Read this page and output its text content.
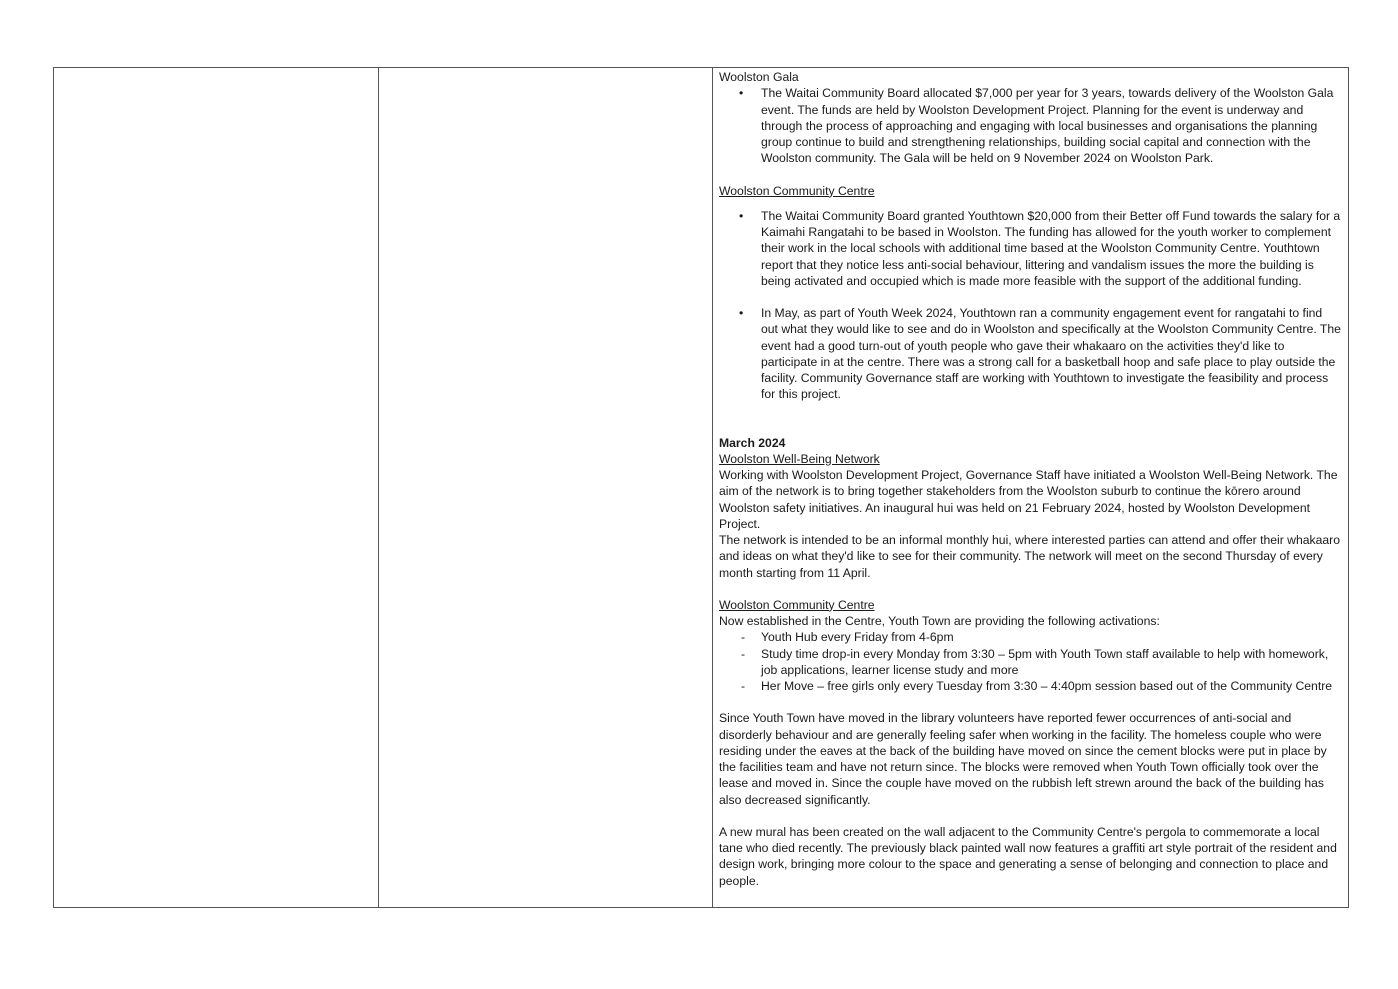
Woolston Gala

• The Waitai Community Board allocated $7,000 per year for 3 years, towards delivery of the Woolston Gala event. The funds are held by Woolston Development Project. Planning for the event is underway and through the process of approaching and engaging with local businesses and organisations the planning group continue to build and strengthening relationships, building social capital and connection with the Woolston community. The Gala will be held on 9 November 2024 on Woolston Park.

Woolston Community Centre

• The Waitai Community Board granted Youthtown $20,000 from their Better off Fund towards the salary for a Kaimahi Rangatahi to be based in Woolston. The funding has allowed for the youth worker to complement their work in the local schools with additional time based at the Woolston Community Centre. Youthtown report that they notice less anti-social behaviour, littering and vandalism issues the more the building is being activated and occupied which is made more feasible with the support of the additional funding.
• In May, as part of Youth Week 2024, Youthtown ran a community engagement event for rangatahi to find out what they would like to see and do in Woolston and specifically at the Woolston Community Centre. The event had a good turn-out of youth people who gave their whakaaro on the activities they'd like to participate in at the centre. There was a strong call for a basketball hoop and safe place to play outside the facility. Community Governance staff are working with Youthtown to investigate the feasibility and process for this project.

March 2024

Woolston Well-Being Network

Working with Woolston Development Project, Governance Staff have initiated a Woolston Well-Being Network. The aim of the network is to bring together stakeholders from the Woolston suburb to continue the kōrero around Woolston safety initiatives. An inaugural hui was held on 21 February 2024, hosted by Woolston Development Project.

The network is intended to be an informal monthly hui, where interested parties can attend and offer their whakaaro and ideas on what they'd like to see for their community. The network will meet on the second Thursday of every month starting from 11 April.

Woolston Community Centre

Now established in the Centre, Youth Town are providing the following activations:

- Youth Hub every Friday from 4-6pm
- Study time drop-in every Monday from 3:30 – 5pm with Youth Town staff available to help with homework, job applications, learner license study and more
- Her Move – free girls only every Tuesday from 3:30 – 4:40pm session based out of the Community Centre

Since Youth Town have moved in the library volunteers have reported fewer occurrences of anti-social and disorderly behaviour and are generally feeling safer when working in the facility. The homeless couple who were residing under the eaves at the back of the building have moved on since the cement blocks were put in place by the facilities team and have not return since. The blocks were removed when Youth Town officially took over the lease and moved in. Since the couple have moved on the rubbish left strewn around the back of the building has also decreased significantly.

A new mural has been created on the wall adjacent to the Community Centre's pergola to commemorate a local tane who died recently. The previously black painted wall now features a graffiti art style portrait of the resident and design work, bringing more colour to the space and generating a sense of belonging and connection to place and people.
